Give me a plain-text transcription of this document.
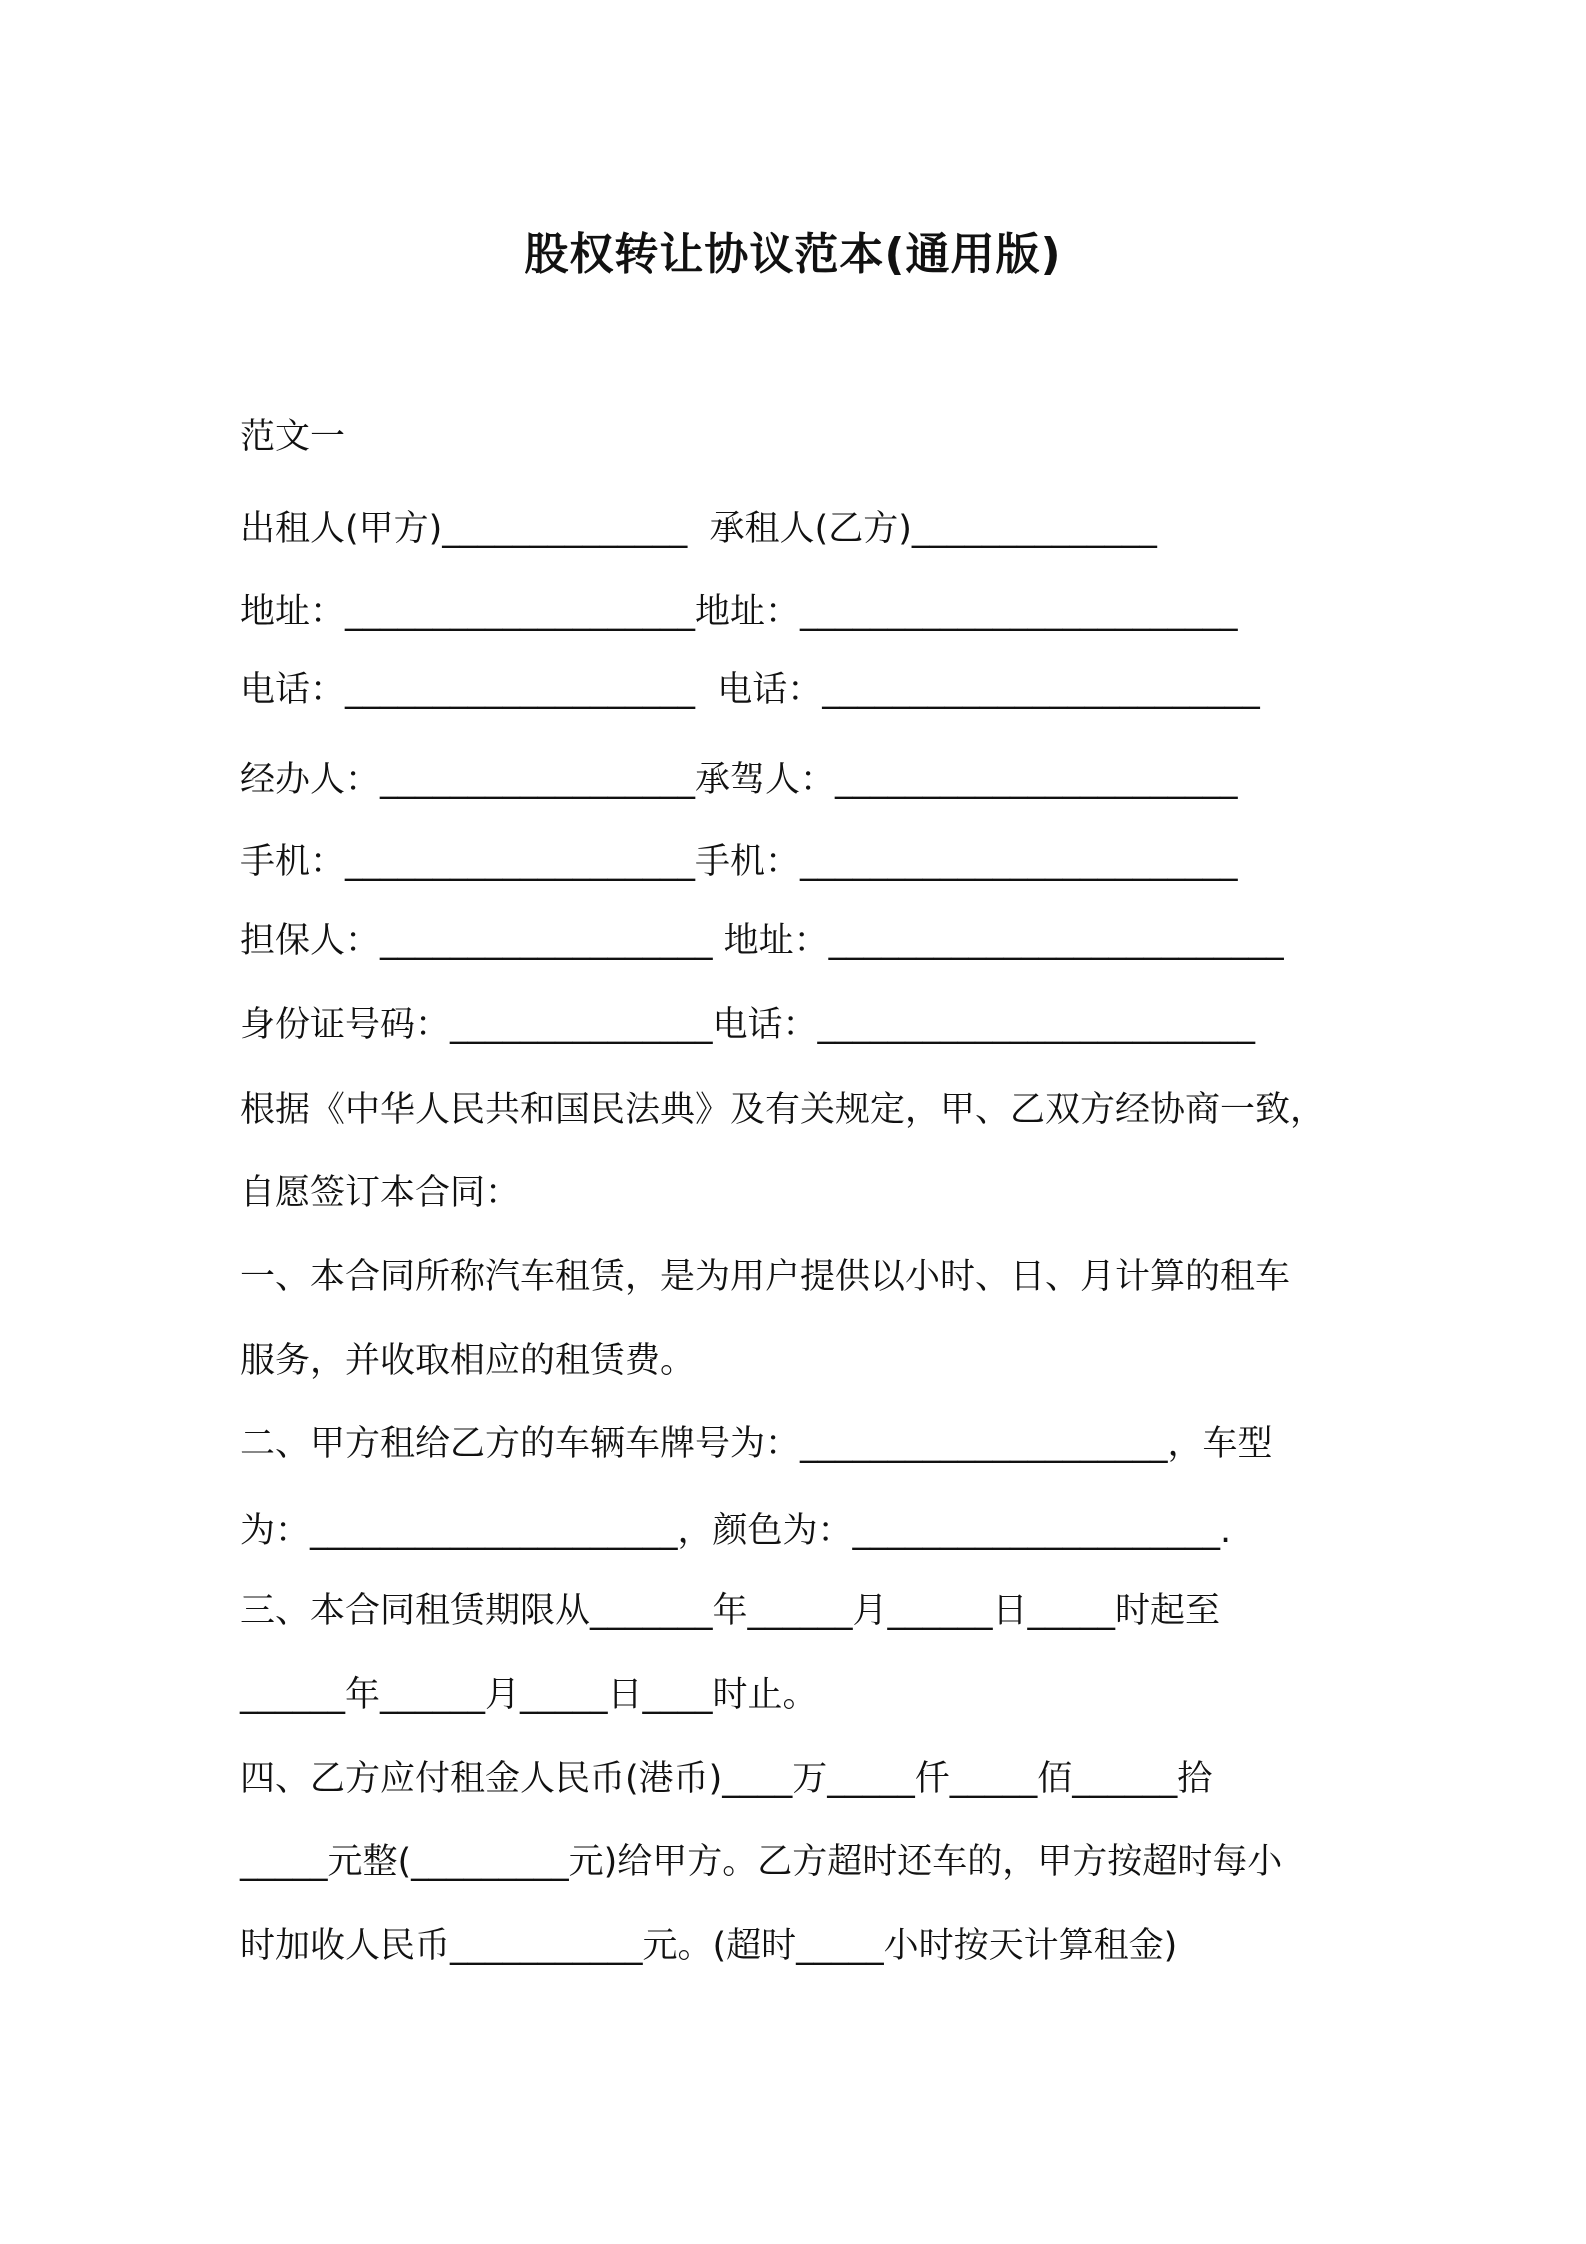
股权转让协议范本(通用版)
范文一
出租人(甲方)______________  承租人(乙方)______________
地址：____________________地址：_________________________
电话：____________________  电话：_________________________
经办人：__________________承驾人：_______________________
手机：____________________手机：_________________________
担保人：___________________ 地址：__________________________
身份证号码：_______________电话：_________________________
根据《中华人民共和国民法典》及有关规定，甲、乙双方经协商一致，
自愿签订本合同：
一、本合同所称汽车租赁，是为用户提供以小时、日、月计算的租车
服务，并收取相应的租赁费。
二、甲方租给乙方的车辆车牌号为：_____________________，车型
为：_____________________，颜色为：_____________________.
三、本合同租赁期限从_______年______月______日_____时起至
______年______月_____日____时止。
四、乙方应付租金人民币(港币)____万_____仟_____佰______拾
_____元整(_________元)给甲方。乙方超时还车的，甲方按超时每小
时加收人民币___________元。(超时_____小时按天计算租金)
